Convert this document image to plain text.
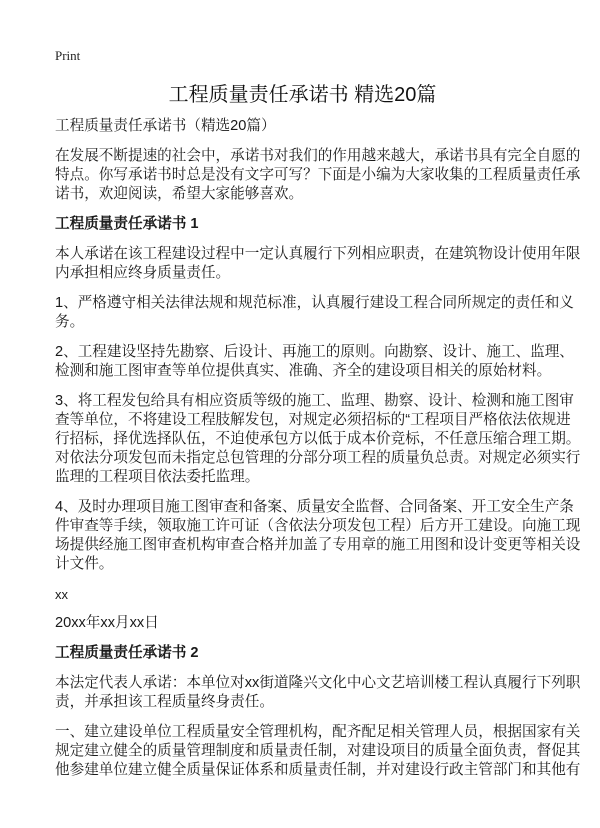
Print
工程质量责任承诺书 精选20篇
工程质量责任承诺书（精选20篇）
在发展不断提速的社会中，承诺书对我们的作用越来越大，承诺书具有完全自愿的
特点。你写承诺书时总是没有文字可写？下面是小编为大家收集的工程质量责任承
诺书，欢迎阅读，希望大家能够喜欢。
工程质量责任承诺书 1
本人承诺在该工程建设过程中一定认真履行下列相应职责，在建筑物设计使用年限
内承担相应终身质量责任。
1、严格遵守相关法律法规和规范标准，认真履行建设工程合同所规定的责任和义
务。
2、工程建设坚持先勘察、后设计、再施工的原则。向勘察、设计、施工、监理、
检测和施工图审查等单位提供真实、准确、齐全的建设项目相关的原始材料。
3、将工程发包给具有相应资质等级的施工、监理、勘察、设计、检测和施工图审
查等单位，不将建设工程肢解发包，对规定必须招标的“工程项目严格依法依规进
行招标，择优选择队伍，不迫使承包方以低于成本价竞标，不任意压缩合理工期。
对依法分项发包而未指定总包管理的分部分项工程的质量负总责。对规定必须实行
监理的工程项目依法委托监理。
4、及时办理项目施工图审查和备案、质量安全监督、合同备案、开工安全生产条
件审查等手续，领取施工许可证（含依法分项发包工程）后方开工建设。向施工现
场提供经施工图审查机构审查合格并加盖了专用章的施工用图和设计变更等相关设
计文件。
xx
20xx年xx月xx日
工程质量责任承诺书 2
本法定代表人承诺：本单位对xx街道隆兴文化中心文艺培训楼工程认真履行下列职
责，并承担该工程质量终身责任。
一、建立建设单位工程质量安全管理机构，配齐配足相关管理人员，根据国家有关
规定建立健全的质量管理制度和质量责任制，对建设项目的质量全面负责，督促其
他参建单位建立健全质量保证体系和质量责任制，并对建设行政主管部门和其他有
